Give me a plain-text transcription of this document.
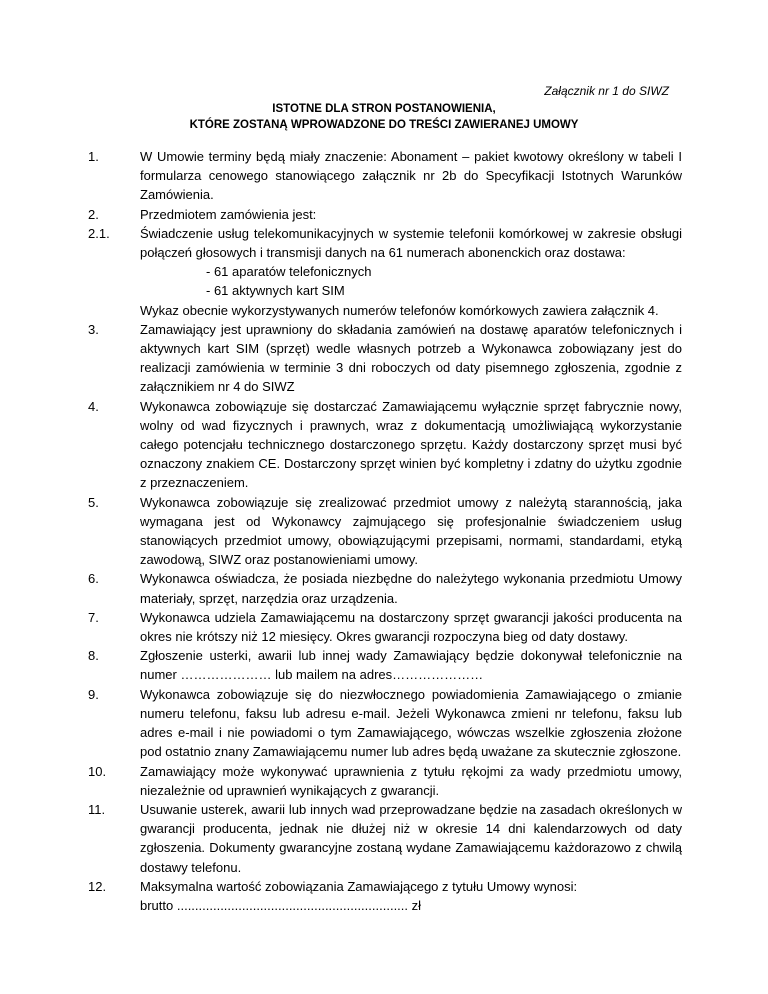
Załącznik nr 1 do SIWZ
ISTOTNE DLA STRON POSTANOWIENIA,
KTÓRE ZOSTANĄ WPROWADZONE DO TREŚCI ZAWIERANEJ UMOWY
1.	W Umowie terminy będą miały znaczenie: Abonament – pakiet kwotowy określony w tabeli I formularza cenowego stanowiącego załącznik nr 2b do Specyfikacji Istotnych Warunków Zamówienia.
2.	Przedmiotem zamówienia jest:
2.1. Świadczenie usług telekomunikacyjnych w systemie telefonii komórkowej w zakresie obsługi połączeń głosowych i transmisji danych na 61 numerach abonenckich oraz dostawa:
- 61 aparatów telefonicznych
- 61 aktywnych kart SIM
Wykaz obecnie wykorzystywanych numerów telefonów komórkowych zawiera załącznik 4.
3.	Zamawiający jest uprawniony do składania zamówień na dostawę aparatów telefonicznych i aktywnych kart SIM (sprzęt) wedle własnych potrzeb a Wykonawca zobowiązany jest do realizacji zamówienia w terminie 3 dni roboczych od daty pisemnego zgłoszenia, zgodnie z załącznikiem nr 4 do SIWZ
4.	Wykonawca zobowiązuje się dostarczać Zamawiającemu wyłącznie sprzęt fabrycznie nowy, wolny od wad fizycznych i prawnych, wraz z dokumentacją umożliwiającą wykorzystanie całego potencjału technicznego dostarczonego sprzętu. Każdy dostarczony sprzęt musi być oznaczony znakiem CE. Dostarczony sprzęt winien być kompletny i zdatny do użytku zgodnie z przeznaczeniem.
5.	Wykonawca zobowiązuje się zrealizować przedmiot umowy z należytą starannością, jaka wymagana jest od Wykonawcy zajmującego się profesjonalnie świadczeniem usług stanowiących przedmiot umowy, obowiązującymi przepisami, normami, standardami, etyką zawodową, SIWZ oraz postanowieniami umowy.
6.	Wykonawca oświadcza, że posiada niezbędne do należytego wykonania przedmiotu Umowy materiały, sprzęt, narzędzia oraz urządzenia.
7.	Wykonawca udziela Zamawiającemu na dostarczony sprzęt gwarancji jakości producenta na okres nie krótszy niż 12 miesięcy. Okres gwarancji rozpoczyna bieg od daty dostawy.
8.	Zgłoszenie usterki, awarii lub innej wady Zamawiający będzie dokonywał telefonicznie na numer ………………… lub mailem na adres…………………
9.	Wykonawca zobowiązuje się do niezwłocznego powiadomienia Zamawiającego o zmianie numeru telefonu, faksu lub adresu e-mail. Jeżeli Wykonawca zmieni nr telefonu, faksu lub adres e-mail i nie powiadomi o tym Zamawiającego, wówczas wszelkie zgłoszenia złożone pod ostatnio znany Zamawiającemu numer lub adres będą uważane za skutecznie zgłoszone.
10.	Zamawiający może wykonywać uprawnienia z tytułu rękojmi za wady przedmiotu umowy, niezależnie od uprawnień wynikających z gwarancji.
11.	Usuwanie usterek, awarii lub innych wad przeprowadzane będzie na zasadach określonych w gwarancji producenta, jednak nie dłużej niż w okresie 14 dni kalendarzowych od daty zgłoszenia. Dokumenty gwarancyjne zostaną wydane Zamawiającemu każdorazowo z chwilą dostawy telefonu.
12.	Maksymalna wartość zobowiązania Zamawiającego z tytułu Umowy wynosi:
brutto ................................................................ zł
